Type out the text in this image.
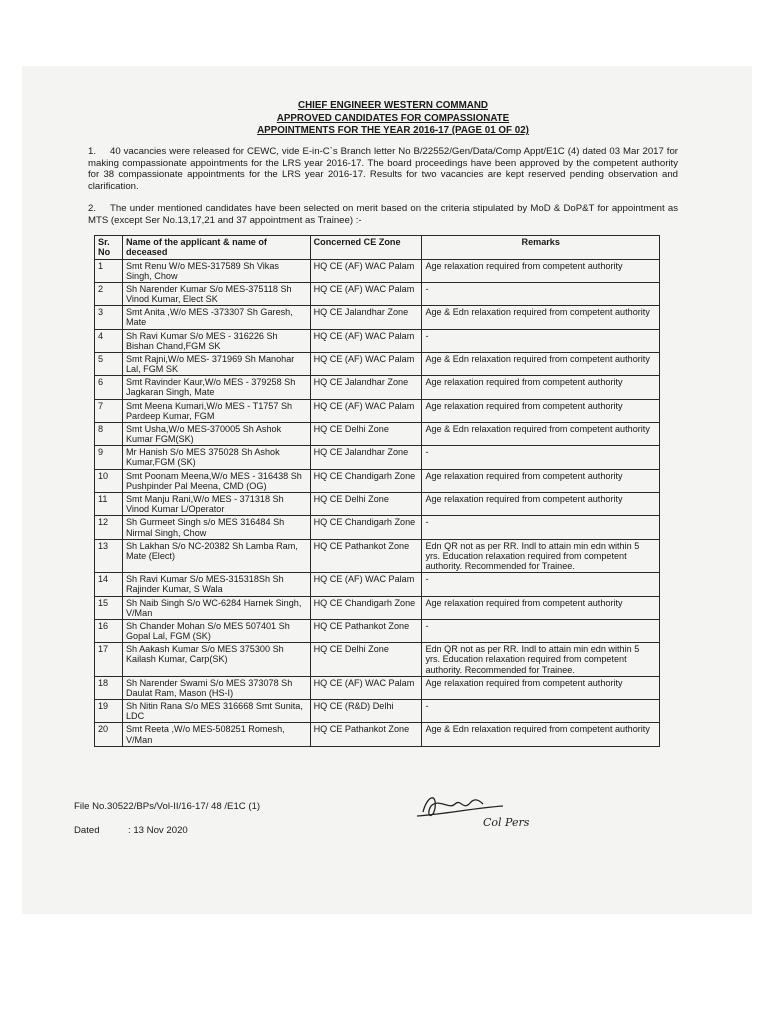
CHIEF ENGINEER WESTERN COMMAND
APPROVED CANDIDATES FOR COMPASSIONATE
APPOINTMENTS FOR THE YEAR 2016-17 (PAGE 01 OF 02)
1. 40 vacancies were released for CEWC, vide E-in-C`s Branch letter No B/22552/Gen/Data/Comp Appt/E1C (4) dated 03 Mar 2017 for making compassionate appointments for the LRS year 2016-17. The board proceedings have been approved by the competent authority for 38 compassionate appointments for the LRS year 2016-17. Results for two vacancies are kept reserved pending observation and clarification.
2. The under mentioned candidates have been selected on merit based on the criteria stipulated by MoD & DoP&T for appointment as MTS (except Ser No.13,17,21 and 37 appointment as Trainee) :-
Sr. No	Name of the applicant & name of deceased	Concerned CE Zone	Remarks
1	Smt Renu W/o MES-317589 Sh Vikas Singh, Chow	HQ CE (AF) WAC Palam	Age relaxation required from competent authority
2	Sh Narender Kumar S/o MES-375118 Sh Vinod Kumar, Elect SK	HQ CE (AF) WAC Palam	-
3	Smt Anita ,W/o MES -373307 Sh Garesh, Mate	HQ CE Jalandhar Zone	Age & Edn relaxation required from competent authority
4	Sh Ravi Kumar S/o MES - 316226 Sh Bishan Chand,FGM SK	HQ CE (AF) WAC Palam	-
5	Smt Rajni,W/o MES- 371969 Sh Manohar Lal, FGM SK	HQ CE (AF) WAC Palam	Age & Edn relaxation required from competent authority
6	Smt Ravinder Kaur,W/o MES - 379258 Sh Jagkaran Singh, Mate	HQ CE Jalandhar Zone	Age relaxation required from competent authority
7	Smt Meena Kumari,W/o MES - T1757 Sh Pardeep Kumar, FGM	HQ CE (AF) WAC Palam	Age relaxation required from competent authority
8	Smt Usha,W/o MES-370005 Sh Ashok Kumar FGM(SK)	HQ CE Delhi Zone	Age & Edn relaxation required from competent authority
9	Mr Hanish S/o MES 375028 Sh Ashok Kumar,FGM (SK)	HQ CE Jalandhar Zone	-
10	Smt Poonam Meena,W/o MES - 316438 Sh Pushpinder Pal Meena, CMD (OG)	HQ CE Chandigarh Zone	Age relaxation required from competent authority
11	Smt Manju Rani,W/o MES - 371318 Sh Vinod Kumar L/Operator	HQ CE Delhi Zone	Age relaxation required from competent authority
12	Sh Gurmeet Singh s/o MES 316484 Sh Nirmal Singh, Chow	HQ CE Chandigarh Zone	-
13	Sh Lakhan S/o NC-20382 Sh Lamba Ram, Mate (Elect)	HQ CE Pathankot Zone	Edn QR not as per RR. Indl to attain min edn within 5 yrs. Education relaxation required from competent authority. Recommended for Trainee.
14	Sh Ravi Kumar S/o MES-315318Sh Sh Rajinder Kumar, S Wala	HQ CE (AF) WAC Palam	-
15	Sh Naib Singh S/o WC-6284 Harnek Singh, V/Man	HQ CE Chandigarh Zone	Age relaxation required from competent authority
16	Sh Chander Mohan S/o MES 507401 Sh Gopal Lal, FGM (SK)	HQ CE Pathankot Zone	-
17	Sh Aakash Kumar S/o MES 375300 Sh Kailash Kumar, Carp(SK)	HQ CE Delhi Zone	Edn QR not as per RR. Indl to attain min edn within 5 yrs. Education relaxation required from competent authority. Recommended for Trainee.
18	Sh Narender Swami S/o MES 373078 Sh Daulat Ram, Mason (HS-I)	HQ CE (AF) WAC Palam	Age relaxation required from competent authority
19	Sh Nitin Rana S/o MES 316668 Smt Sunita, LDC	HQ CE (R&D) Delhi	-
20	Smt Reeta ,W/o MES-508251 Romesh, V/Man	HQ CE Pathankot Zone	Age & Edn relaxation required from competent authority
File No.30522/BPs/Vol-II/16-17/ 48 /E1C (1)
Dated	: 13 Nov 2020
Col Pers
